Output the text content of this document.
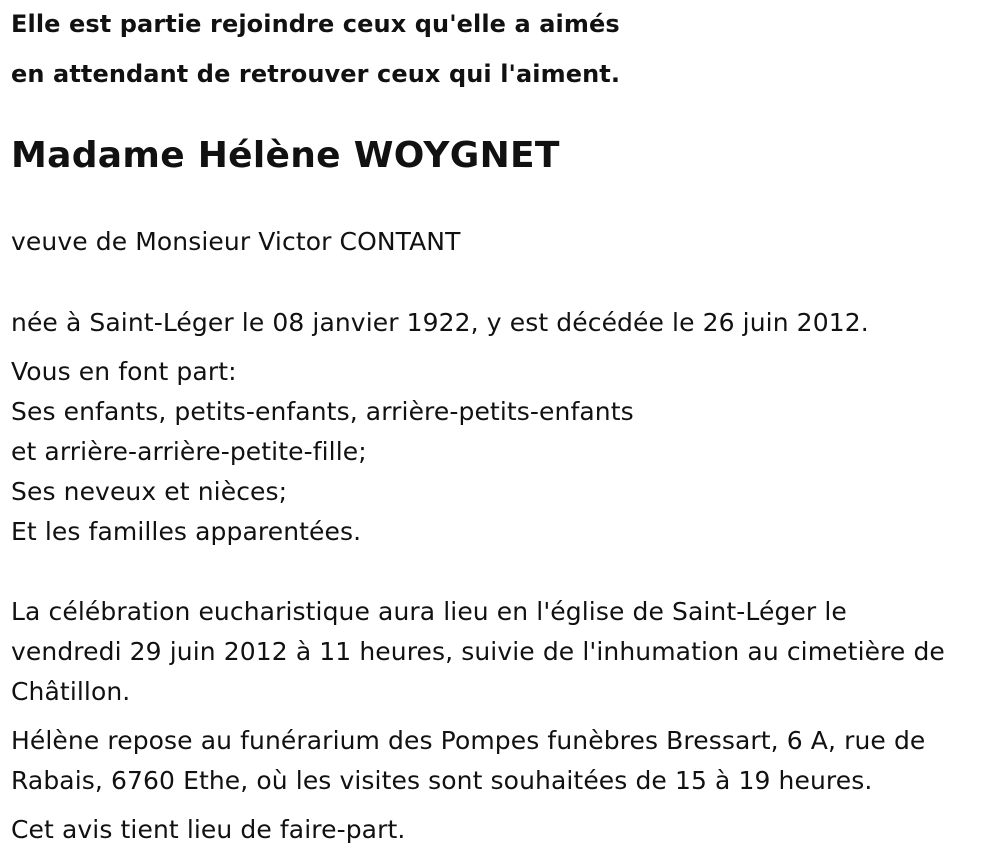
Elle est partie rejoindre ceux qu'elle a aimés
en attendant de retrouver ceux qui l'aiment.
Madame Hélène WOYGNET
veuve de Monsieur Victor CONTANT
née à Saint-Léger le 08 janvier 1922, y est décédée le 26 juin 2012.
Vous en font part:
Ses enfants, petits-enfants, arrière-petits-enfants
et arrière-arrière-petite-fille;
Ses neveux et nièces;
Et les familles apparentées.
La célébration eucharistique aura lieu en l'église de Saint-Léger le
vendredi 29 juin 2012 à 11 heures, suivie de l'inhumation au cimetière de
Châtillon.
Hélène repose au funérarium des Pompes funèbres Bressart, 6 A, rue de
Rabais, 6760 Ethe, où les visites sont souhaitées de 15 à 19 heures.
Cet avis tient lieu de faire-part.
